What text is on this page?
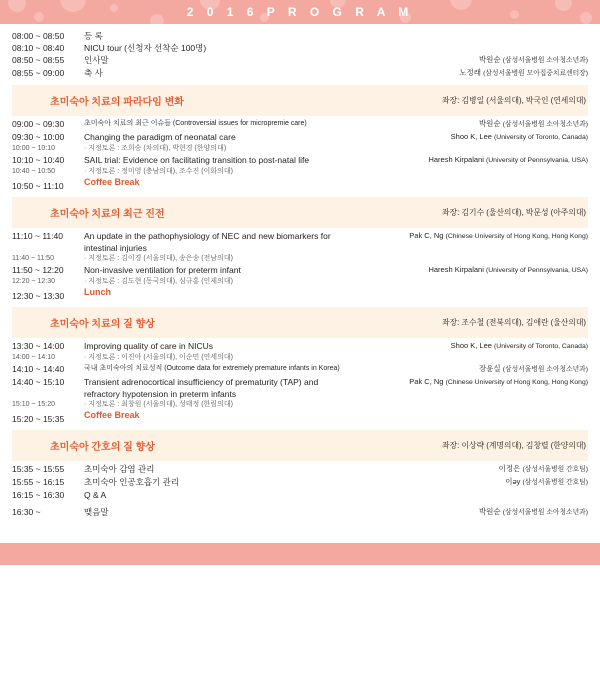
2 0 1 6 P R O G R A M
08:00 ~ 08:50	등 록	

08:10 ~ 08:40	NICU tour (신청자 선착순 100명)	

08:50 ~ 08:55	인사말	박원순 (삼성서울병원 소아청소년과)

08:55 ~ 09:00	축 사	노정래 (삼성서울병원 모아집중치료센터장)

초미숙아 치료의 파라다임 변화	좌장: 김병일 (서울의대), 박국인 (연세의대)

09:00 ~ 09:30		초미숙아 치료의 최근 이슈들 (Controversial issues for micropremie care)	박원순 (삼성서울병원 소아청소년과)

09:30 ~ 10:00	Changing the paradigm of neonatal care	Shoo K, Lee (University of Toronto, Canada)

10:00 ~ 10:10	· 지정토론 : 조희승 (차의대), 박현경 (한양의대)
10:10 ~ 10:40	SAIL trial: Evidence on facilitating transition to post-natal life	Haresh Kirpalani (University of Pennsylvania, USA)

10:40 ~ 10:50	· 지정토론 : 정미영 (충남의대), 조수진 (이화의대)
10:50 ~ 11:10	Coffee Break

초미숙아 치료의 최근 진전	좌장: 김기수 (울산의대), 박문성 (아주의대)

11:10 ~ 11:40	An update in the pathophysiology of NEC and new biomarkers for	Pak C, Ng (Chinese University of Hong Kong, Hong Kong)
intestinal injuries

11:40 ~ 11:50	· 지정토론 : 김이경 (서울의대), 송은송 (전남의대)
11:50 ~ 12:20	Non-invasive ventilation for preterm infant	Haresh Kirpalani (University of Pennsylvania, USA)

12:20 ~ 12:30	· 지정토론 : 김도현 (동국의대), 심규홍 (인제의대)
12:30 ~ 13:30	Lunch

초미숙아 치료의 질 향상	좌장: 조수철 (전북의대), 김애란 (울산의대)

13:30 ~ 14:00	Improving quality of care in NICUs	Shoo K, Lee (University of Toronto, Canada)

14:00 ~ 14:10	· 지정토론 : 이진아 (서울의대), 이순민 (연세의대)
14:10 ~ 14:40		국내 초미숙아의 치료성적 (Outcome data for extremely premature infants in Korea)	장윤실 (삼성서울병원 소아청소년과)

14:40 ~ 15:10	Transient adrenocortical insufficiency of prematurity (TAP) and	Pak C, Ng (Chinese University of Hong Kong, Hong Kong)
refractory hypotension in preterm infants

15:10 ~ 15:20	· 지정토론 : 최창원 (서울의대), 성태정 (한림의대)
15:20 ~ 15:35	Coffee Break

초미숙아 간호의 질 향상	좌장: 이상략 (계명의대), 김창렬 (한양의대)

15:35 ~ 15:55	초미숙아 감염 관리	이정은 (삼성서울병원 간호팀)

15:55 ~ 16:15	초미숙아 인공호흡기 관리	이әу (삼성서울병원 간호팀)

16:15 ~ 16:30	Q & A

16:30 ~		맺음말	박원순 (삼성서울병원 소아청소년과)
언어: 영어, 한국어(동시 통역 제공)
